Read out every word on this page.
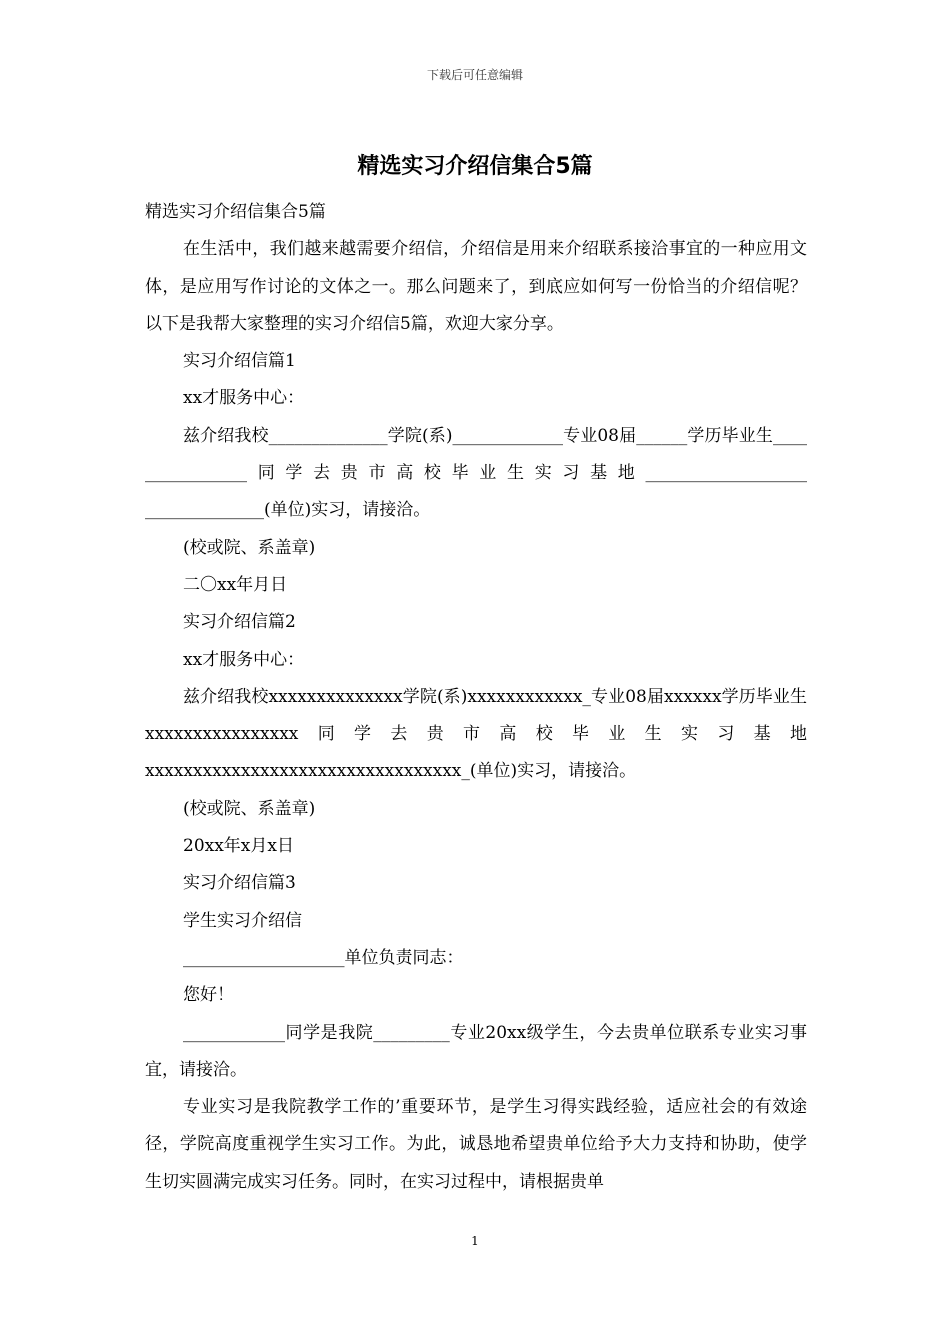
下载后可任意编辑
精选实习介绍信集合5篇

精选实习介绍信集合5篇

在生活中，我们越来越需要介绍信，介绍信是用来介绍联系接洽事宜的一种应用文体，是应用写作讨论的文体之一。那么问题来了，到底应如何写一份恰当的介绍信呢？以下是我帮大家整理的实习介绍信5篇，欢迎大家分享。

实习介绍信篇1

xx才服务中心：

兹介绍我校______________学院(系)_____________专业08届______学历毕业生________________同学去贵市高校毕业生实习基地___________________

______________(单位)实习，请接洽。

(校或院、系盖章)

二〇xx年月日

实习介绍信篇2

xx才服务中心：

兹介绍我校xxxxxxxxxxxxxx学院(系)xxxxxxxxxxxx_专业08届xxxxxx学历毕业生xxxxxxxxxxxxxxxx同学去贵市高校毕业生实习基地

xxxxxxxxxxxxxxxxxxxxxxxxxxxxxxxxx_(单位)实习，请接洽。

(校或院、系盖章)

20xx年x月x日

实习介绍信篇3

学生实习介绍信

___________________单位负责同志：

您好！

____________同学是我院_________专业20xx级学生，今去贵单位联系专业实习事宜，请接洽。

专业实习是我院教学工作的’重要环节，是学生习得实践经验，适应社会的有效途径，学院高度重视学生实习工作。为此，诚恳地希望贵单位给予大力支持和协助，使学生切实圆满完成实习任务。同时，在实习过程中，请根据贵单

1
